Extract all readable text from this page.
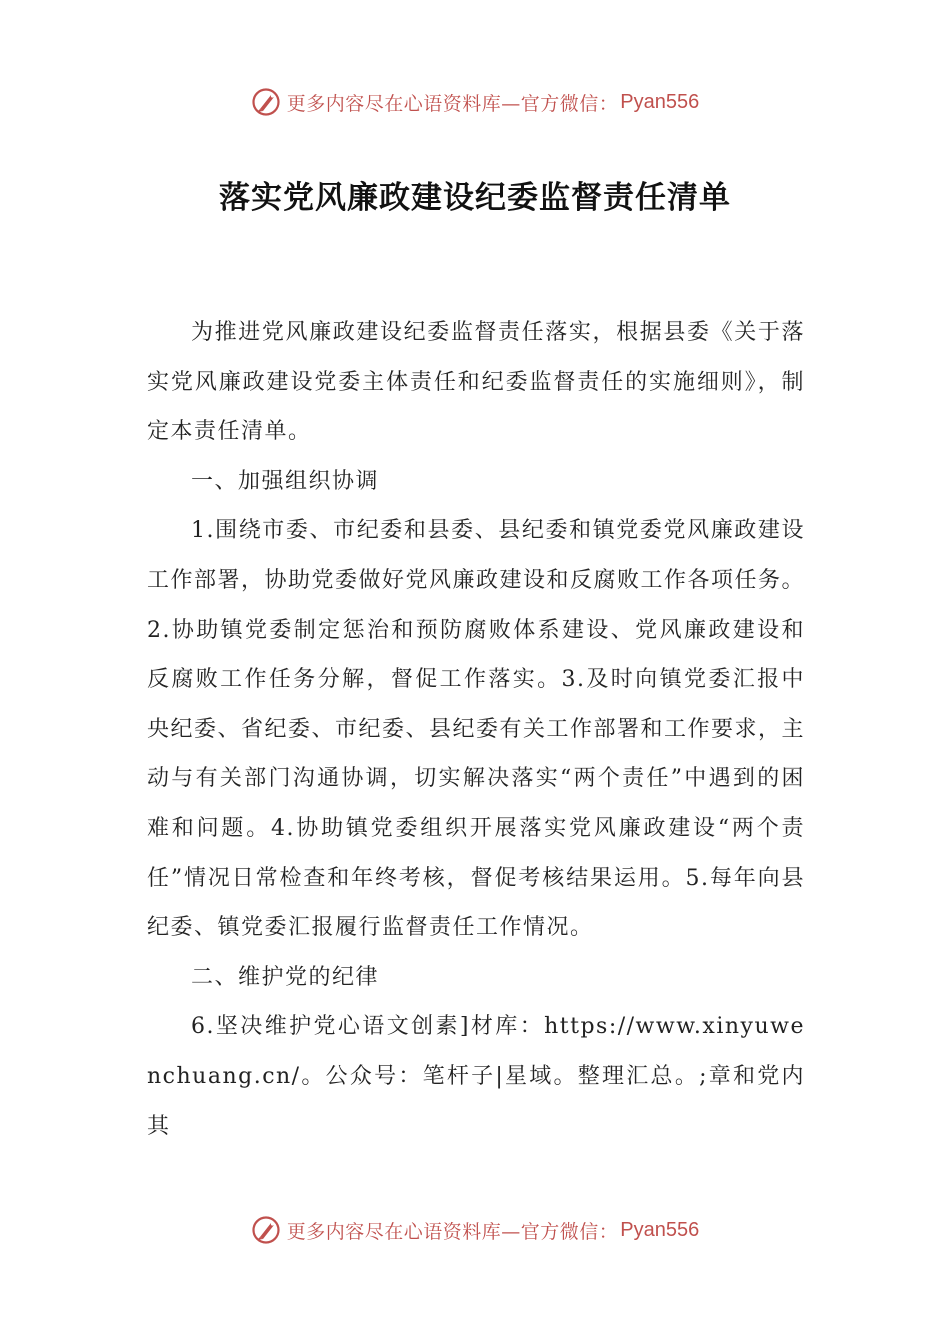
更多内容尽在心语资料库—官方微信： Pyan556
落实党风廉政建设纪委监督责任清单

为推进党风廉政建设纪委监督责任落实，根据县委《关于落实党风廉政建设党委主体责任和纪委监督责任的实施细则》，制定本责任清单。

一、加强组织协调

1.围绕市委、市纪委和县委、县纪委和镇党委党风廉政建设工作部署，协助党委做好党风廉政建设和反腐败工作各项任务。2.协助镇党委制定惩治和预防腐败体系建设、党风廉政建设和反腐败工作任务分解，督促工作落实。3.及时向镇党委汇报中央纪委、省纪委、市纪委、县纪委有关工作部署和工作要求，主动与有关部门沟通协调，切实解决落实“两个责任”中遇到的困难和问题。4.协助镇党委组织开展落实党风廉政建设“两个责任”情况日常检查和年终考核，督促考核结果运用。5.每年向县纪委、镇党委汇报履行监督责任工作情况。

二、维护党的纪律

6.坚决维护党心语文创素]材库：https://www.xinyuwenchuang.cn/。公众号：笔杆子|星域。整理汇总。;章和党内其

更多内容尽在心语资料库—官方微信： Pyan556
